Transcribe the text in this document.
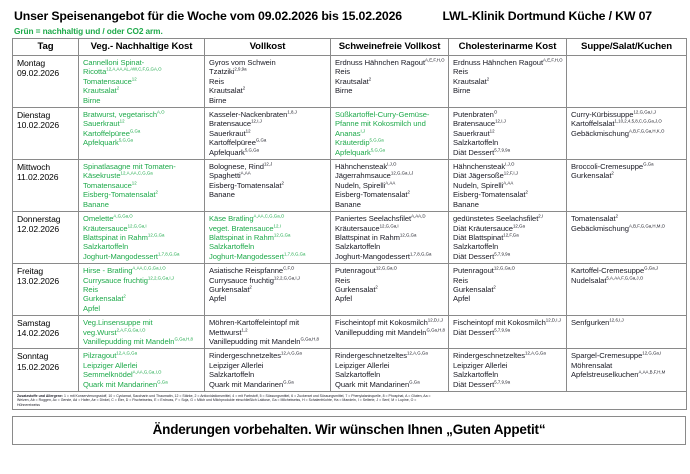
Unser Speisenangebot für die Woche vom 09.02.2026 bis 15.02.2026	LWL-Klinik Dortmund Küche / KW 07
Grün = nachhaltig und / oder CO2 arm.
Tag	Veg.- Nachhaltige Kost	Vollkost	Schweinefreie Vollkost	Cholesterinarme Kost	Suppe/Salat/Kuchen

Montag
09.02.2026	Cannelloni Spinat-
Ricotta$^{12,A,AA,AL,AW,C,F,G,GA,O}$
Tomatensauce$^{12}$
Krautsalat$^2$
Birne	Gyros vom Schwein
Tzatziki$^{2,9,9a}$
Reis
Krautsalat$^2$
Birne	Erdnuss Hähnchen Ragout$^{A,E,F,H,O}$
Reis
Krautsalat$^2$
Birne	Erdnuss Hähnchen Ragout$^{A,E,F,H,O}$
Reis
Krautsalat$^2$
Birne	

Dienstag
10.02.2026	Bratwurst, vegetarisch$^{A,O}$
Sauerkraut$^{12}$
Kartoffelpüree$^{G,Ga}$
Apfelquark$^{5,G,Ga}$	Kasseler-Nackenbraten$^{1,8,J}$
Bratensauce$^{12,I,J}$
Sauerkraut$^{12}$
Kartoffelpüree$^{G,Ga}$
Apfelquark$^{5,G,Ga}$	Süßkartoffel-Curry-Gemüse-
Pfanne mit Kokosmilch und
Ananas$^{I,J}$
Kräuterdip$^{5,G,Ga}$
Apfelquark$^{5,G,Ga}$	Putenbraten$^O$
Bratensauce$^{12,I,J}$
Sauerkraut$^{12}$
Salzkartoffeln
Diät Dessert$^{5,7,9,9a}$	Curry-Kürbissuppe$^{12,G,Ga,I,J}$
Kartoffelsalat$^{1,10,2,4,5,8,C,G,Ga,J,O}$
Gebäckmischung$^{A,B,F,G,Ga,H,K,O}$

Mittwoch
11.02.2026	Spinatlasagne mit Tomaten-
Käsekruste$^{12,A,AA,C,G,Ga}$
Tomatensauce$^{12}$
Eisberg-Tomatensalat$^2$
Banane	Bolognese, Rind$^{12,J}$
Spaghetti$^{A,AA}$
Eisberg-Tomatensalat$^2$
Banane	Hähnchensteak$^{I,J,O}$
Jägerrahmsauce$^{12,G,Ga,I,J}$
Nudeln, Spirelli$^{A,AA}$
Eisberg-Tomatensalat$^2$
Banane	Hähnchensteak$^{I,J,O}$
Diät Jägersoße$^{12,F,I,J}$
Nudeln, Spirelli$^{A,AA}$
Eisberg-Tomatensalat$^2$
Banane	Broccoli-Cremesuppe$^{G,Ga}$
Gurkensalat$^2$

Donnerstag
12.02.2026	Omelette$^{A,G,Ga,O}$
Kräutersauce$^{12,G,Ga,I}$
Blattspinat in Rahm$^{12,G,Ga}$
Salzkartoffeln
Joghurt-Mangodessert$^{1,7,8,G,Ga}$	Käse Bratling$^{A,AA,C,G,Ga,O}$
veget. Bratensauce$^{12,I}$
Blattspinat in Rahm$^{12,G,Ga}$
Salzkartoffeln
Joghurt-Mangodessert$^{1,7,8,G,Ga}$	Paniertes Seelachsfilet$^{A,AA,D}$
Kräutersauce$^{12,G,Ga,I}$
Blattspinat in Rahm$^{12,G,Ga}$
Salzkartoffeln
Joghurt-Mangodessert$^{1,7,8,G,Ga}$	gedünstetes Seelachsfilet$^{2,I}$
Diät Kräutersauce$^{12,Ga}$
Diät Blattspinat$^{12,F,Ga}$
Salzkartoffeln
Diät Dessert$^{5,7,9,9a}$	Tomatensalat$^2$
Gebäckmischung$^{A,B,F,G,Ga,H,M,O}$

Freitag
13.02.2026	Hirse - Bratling$^{A,AA,C,G,Ga,I,O}$
Currysauce fruchtig$^{12,2,G,Ga,I,J}$
Reis
Gurkensalat$^2$
Apfel	Asiatische Reispfanne$^{C,F,O}$
Currysauce fruchtig$^{12,2,G,Ga,I,J}$
Gurkensalat$^2$
Apfel	Putenragout$^{12,G,Ga,O}$
Reis
Gurkensalat$^2$
Apfel	Putenragout$^{12,G,Ga,O}$
Reis
Gurkensalat$^2$
Apfel	Kartoffel-Cremesuppe$^{G,Ga,J}$
Nudelsalat$^{5,A,AA,F,G,Ga,J,O}$

Samstag
14.02.2026	Veg.Linsensuppe mit
veg.Wurst$^{2,A,F,G,Ga,I,O}$
Vanillepudding mit Mandeln$^{G,Ga,H,8}$	Möhren-Kartoffeleintopf mit
Mettwurst$^{1,2}$
Vanillepudding mit Mandeln$^{G,Ga,H,8}$	Fischeintopf mit Kokosmilch$^{12,D,I,J}$
Vanillepudding mit Mandeln$^{G,Ga,H,8}$	Fischeintopf mit Kokosmilch$^{12,D,I,J}$
Diät Dessert$^{5,7,9,9a}$	Senfgurken$^{12,6,I,J}$

Sonntag
15.02.2026	Pilzragout$^{12,A,G,Ga}$
Leipziger Allerlei
Semmelknödel$^{A,AA,G,Ga,I,O}$
Quark mit Mandarinen$^{G,Ga}$	Rindergeschnetzeltes$^{12,A,G,Ga}$
Leipziger Allerlei
Salzkartoffeln
Quark mit Mandarinen$^{G,Ga}$	Rindergeschnetzeltes$^{12,A,G,Ga}$
Leipziger Allerlei
Salzkartoffeln
Quark mit Mandarinen$^{G,Ga}$	Rindergeschnetzeltes$^{12,A,G,Ga}$
Leipziger Allerlei
Salzkartoffeln
Diät Dessert$^{5,7,9,9a}$	Spargel-Cremesuppe$^{12,G,Ga,I}$
Möhrensalat
Apfelstreuselkuchen$^{A,AA,B,F,H,M}$

Zusatzstoffe und Allergene: 1 = mit Konservierungsstoff, 10 = Cyclamat, Saccharin und Thaumatin, 12 = Stärke, 2 = Antioxidationsmittel, 4 = mit Farbstoff, 5 = Süssungsmittel, 6 = Zuckerart und Süssungsmittel, 7 = Phenylalaninquelle, 8 = Phosphat, A = Gluten, Aa =
Weizen, Ab = Roggen, Ac = Gerste, Ad = Hafer, Ae = Dinkel, C = Eier, D = Fischeiweiss, E = Erdnuss, F = Soja, G = Milch und Milchprodukte einschließlich Laktose, Ga = Milcheiweiss, H = Schalenfrüchte, Ha = Mandeln, I = Sellerie, J = Senf, M = Lupine, O =
Hühnereiweiss					
Änderungen vorbehalten. Wir wünschen Ihnen „Guten Appetit“
